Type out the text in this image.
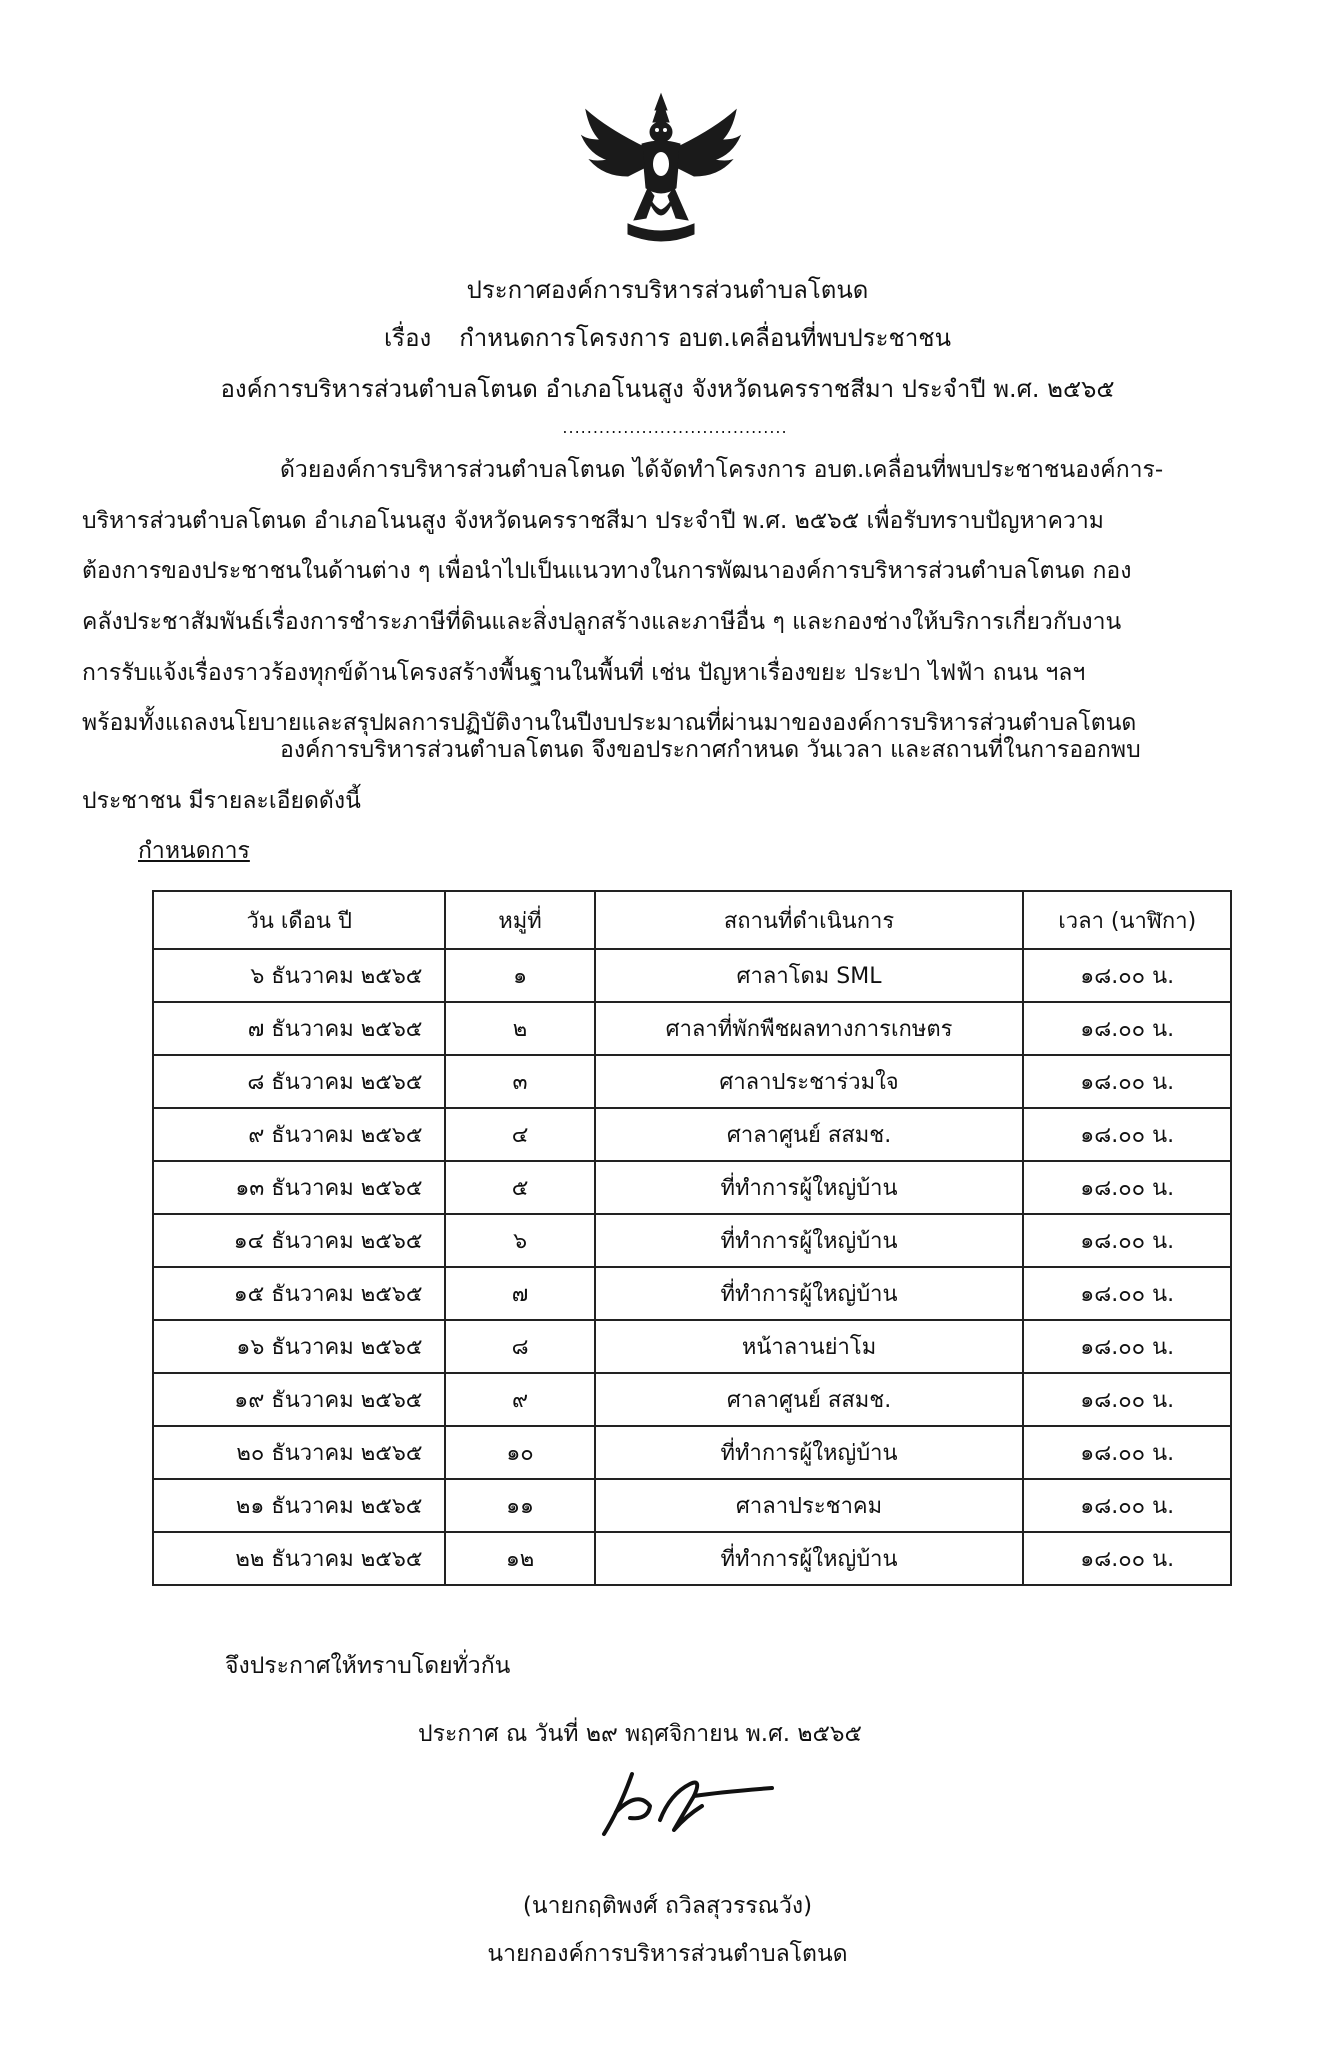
ประกาศองค์การบริหารส่วนตำบลโตนด
เรื่อง กำหนดการโครงการ อบต.เคลื่อนที่พบประชาชน
องค์การบริหารส่วนตำบลโตนด อำเภอโนนสูง จังหวัดนครราชสีมา ประจำปี พ.ศ. ๒๕๖๕
.....................................
ด้วยองค์การบริหารส่วนตำบลโตนด ได้จัดทำโครงการ อบต.เคลื่อนที่พบประชาชนองค์การ-
บริหารส่วนตำบลโตนด อำเภอโนนสูง จังหวัดนครราชสีมา ประจำปี พ.ศ. ๒๕๖๕ เพื่อรับทราบปัญหาความ
ต้องการของประชาชนในด้านต่าง ๆ เพื่อนำไปเป็นแนวทางในการพัฒนาองค์การบริหารส่วนตำบลโตนด กอง
คลังประชาสัมพันธ์เรื่องการชำระภาษีที่ดินและสิ่งปลูกสร้างและภาษีอื่น ๆ และกองช่างให้บริการเกี่ยวกับงาน
การรับแจ้งเรื่องราวร้องทุกข์ด้านโครงสร้างพื้นฐานในพื้นที่ เช่น ปัญหาเรื่องขยะ ประปา ไฟฟ้า ถนน ฯลฯ
พร้อมทั้งแถลงนโยบายและสรุปผลการปฏิบัติงานในปีงบประมาณที่ผ่านมาขององค์การบริหารส่วนตำบลโตนด
องค์การบริหารส่วนตำบลโตนด จึงขอประกาศกำหนด วันเวลา และสถานที่ในการออกพบ
ประชาชน มีรายละเอียดดังนี้
กำหนดการ
วัน เดือน ปี	หมู่ที่	สถานที่ดำเนินการ	เวลา (นาฬิกา)
๖ ธันวาคม ๒๕๖๕	๑	ศาลาโดม SML	๑๘.๐๐ น.
๗ ธันวาคม ๒๕๖๕	๒	ศาลาที่พักพืชผลทางการเกษตร	๑๘.๐๐ น.
๘ ธันวาคม ๒๕๖๕	๓	ศาลาประชาร่วมใจ	๑๘.๐๐ น.
๙ ธันวาคม ๒๕๖๕	๔	ศาลาศูนย์ สสมช.	๑๘.๐๐ น.
๑๓ ธันวาคม ๒๕๖๕	๕	ที่ทำการผู้ใหญ่บ้าน	๑๘.๐๐ น.
๑๔ ธันวาคม ๒๕๖๕	๖	ที่ทำการผู้ใหญ่บ้าน	๑๘.๐๐ น.
๑๕ ธันวาคม ๒๕๖๕	๗	ที่ทำการผู้ใหญ่บ้าน	๑๘.๐๐ น.
๑๖ ธันวาคม ๒๕๖๕	๘	หน้าลานย่าโม	๑๘.๐๐ น.
๑๙ ธันวาคม ๒๕๖๕	๙	ศาลาศูนย์ สสมช.	๑๘.๐๐ น.
๒๐ ธันวาคม ๒๕๖๕	๑๐	ที่ทำการผู้ใหญ่บ้าน	๑๘.๐๐ น.
๒๑ ธันวาคม ๒๕๖๕	๑๑	ศาลาประชาคม	๑๘.๐๐ น.
๒๒ ธันวาคม ๒๕๖๕	๑๒	ที่ทำการผู้ใหญ่บ้าน	๑๘.๐๐ น.
จึงประกาศให้ทราบโดยทั่วกัน
ประกาศ ณ วันที่ ๒๙ พฤศจิกายน พ.ศ. ๒๕๖๕
(นายกฤติพงศ์ ถวิลสุวรรณวัง)
นายกองค์การบริหารส่วนตำบลโตนด
